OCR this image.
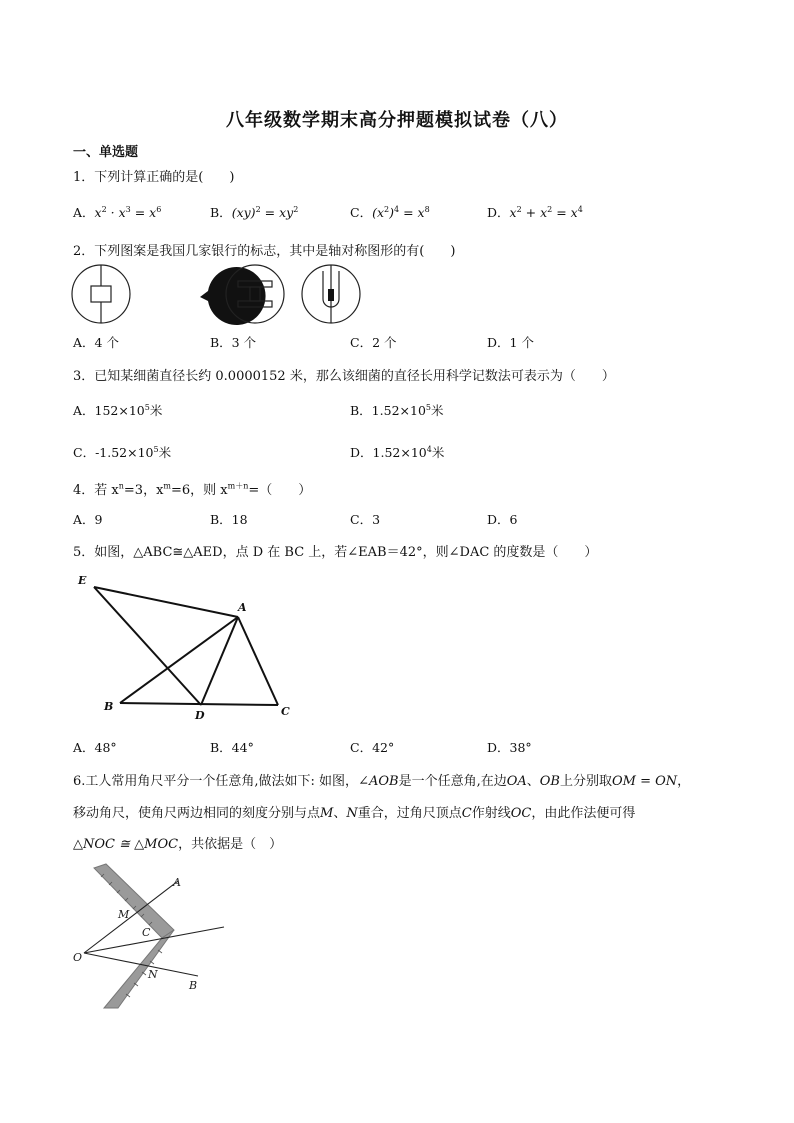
八年级数学期末高分押题模拟试卷（八）
一、单选题
1．下列计算正确的是(　　)
A．$x^2 \cdot x^3 = x^6$	B．$(xy)^2 = xy^2$	C．$(x^2)^4 = x^8$	D．$x^2 + x^2 = x^4$
2．下列图案是我国几家银行的标志，其中是轴对称图形的有(　　)
A．4 个	B．3 个	C．2 个	D．1 个
3．已知某细菌直径长约 0.0000152 米，那么该细菌的直径长用科学记数法可表示为（　　）
A．$152\times 10^5$米	B．$1.52\times 10^5$米
C．$-1.52\times 10^5$米	D．$1.52\times 10^4$米
4．若 $x^n=3$，$x^m=6$，则 $x^{m+n}=$（　　）
A．9	B．18	C．3	D．6
5．如图，△ABC≅△AED，点 D 在 BC 上，若∠EAB＝42°，则∠DAC 的度数是（　　）
E
A
B
D	C
A．48°	B．44°	C．42°	D．38°
6.工人常用角尺平分一个任意角,做法如下: 如图，∠AOB是一个任意角,在边OA、OB上分别取OM = ON，
移动角尺，使角尺两边相同的刻度分别与点M、N重合，过角尺顶点C作射线OC，由此作法便可得
△NOC ≅ △MOC，共依据是（　）
A
M
C
O
N
B
